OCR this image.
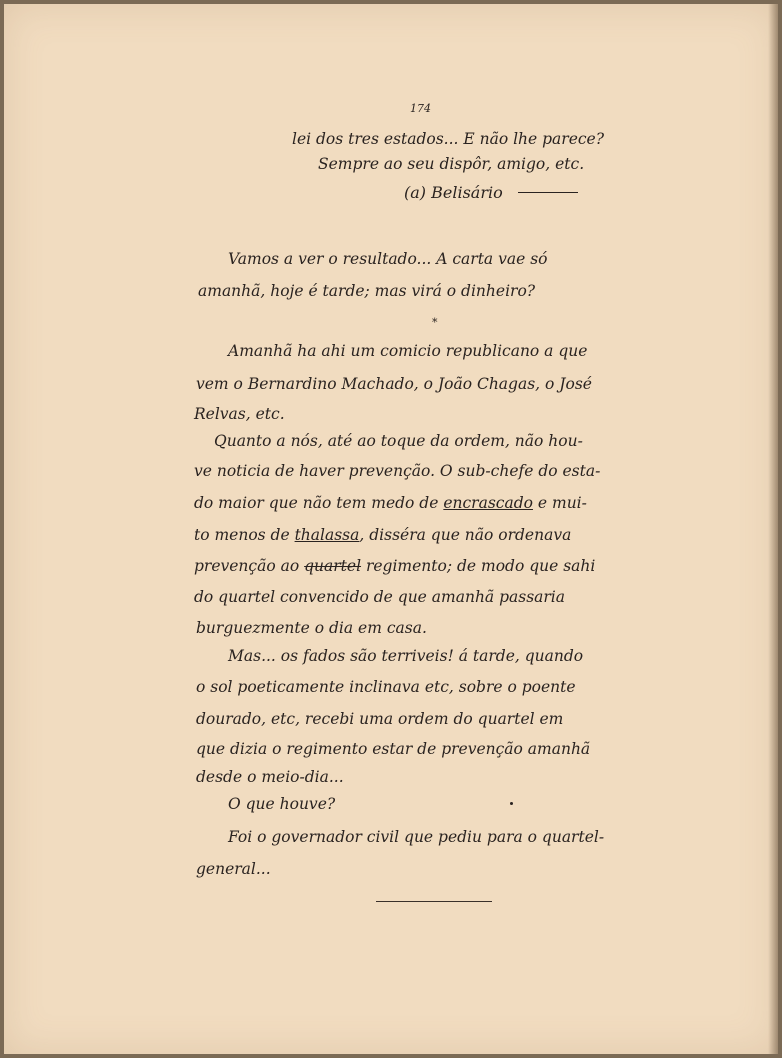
174
lei dos tres estados... E não lhe parece?
Sempre ao seu dispôr, amigo, etc.
(a) Belisário
Vamos a ver o resultado... A carta vae só
amanhã, hoje é tarde; mas virá o dinheiro?
*
Amanhã ha ahi um comicio republicano a que
vem o Bernardino Machado, o João Chagas, o José
Relvas, etc.
Quanto a nós, até ao toque da ordem, não hou-
ve noticia de haver prevenção. O sub-chefe do esta-
do maior que não tem medo de encrascado e mui-
to menos de thalassa, disséra que não ordenava
prevenção ao quartel regimento; de modo que sahi
do quartel convencido de que amanhã passaria
burguezmente o dia em casa.
Mas... os fados são terriveis! á tarde, quando
o sol poeticamente inclinava etc, sobre o poente
dourado, etc, recebi uma ordem do quartel em
que dizia o regimento estar de prevenção amanhã
desde o meio-dia...
O que houve?
Foi o governador civil que pediu para o quartel-
general...
